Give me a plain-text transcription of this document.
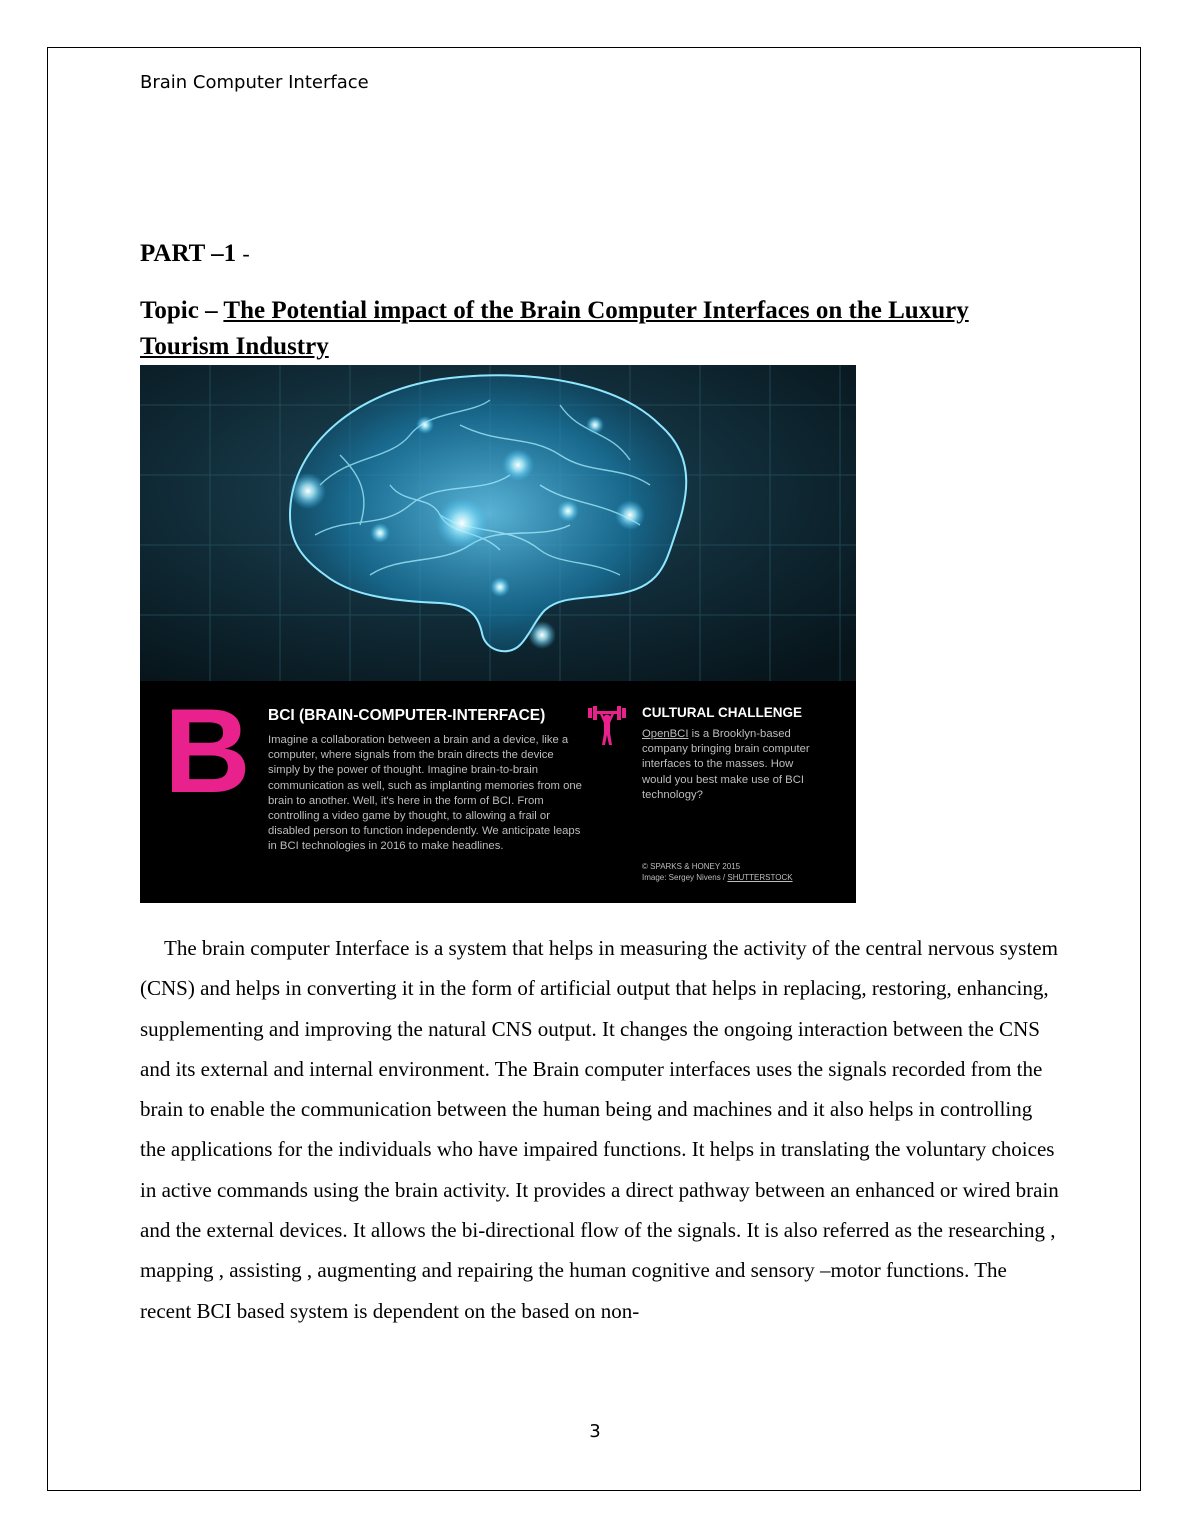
Brain Computer Interface
PART –1 -
Topic – The Potential impact of the Brain Computer Interfaces on the Luxury Tourism Industry
B BCI (BRAIN-COMPUTER-INTERFACE)
Imagine a collaboration between a brain and a device, like a computer, where signals from the brain directs the device simply by the power of thought. Imagine brain-to-brain communication as well, such as implanting memories from one brain to another. Well, it's here in the form of BCI. From controlling a video game by thought, to allowing a frail or disabled person to function independently. We anticipate leaps in BCI technologies in 2016 to make headlines.
CULTURAL CHALLENGE
OpenBCI is a Brooklyn-based company bringing brain computer interfaces to the masses. How would you best make use of BCI technology?
© SPARKS & HONEY 2015
Image: Sergey Nivens / SHUTTERSTOCK

The brain computer Interface is a system that helps in measuring the activity of the central nervous system (CNS) and helps in converting it in the form of artificial output that helps in replacing, restoring, enhancing, supplementing and improving the natural CNS output. It changes the ongoing interaction between the CNS and its external and internal environment. The Brain computer interfaces uses the signals recorded from the brain to enable the communication between the human being and machines and it also helps in controlling the applications for the individuals who have impaired functions. It helps in translating the voluntary choices in active commands using the brain activity. It provides a direct pathway between an enhanced or wired brain and the external devices. It allows the bi-directional flow of the signals. It is also referred as the researching , mapping , assisting , augmenting and repairing the human cognitive and sensory –motor functions. The recent BCI based system is dependent on the based on non-

3
